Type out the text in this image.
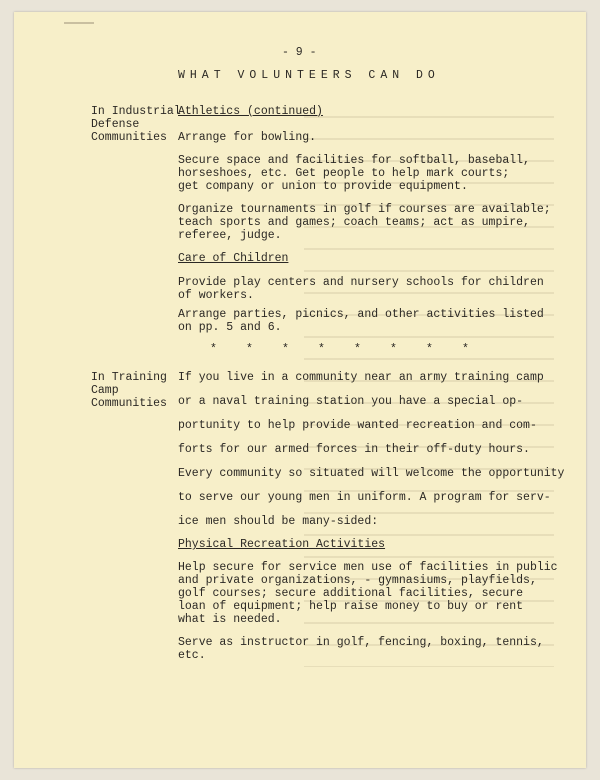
- 9 -
WHAT VOLUNTEERS CAN DO
In Industrial
Defense
Communities
Athletics (continued)
Arrange for bowling.
Secure space and facilities for softball, baseball,
horseshoes, etc. Get people to help mark courts;
get company or union to provide equipment.
Organize tournaments in golf if courses are available;
teach sports and games; coach teams; act as umpire,
referee, judge.
Care of Children
Provide play centers and nursery schools for children
of workers.
Arrange parties, picnics, and other activities listed
on pp. 5 and 6.
*	*	*	*	*	*	*	*
In Training
Camp
Communities
If you live in a community near an army training camp
or a naval training station you have a special op-
portunity to help provide wanted recreation and com-
forts for our armed forces in their off-duty hours.
Every community so situated will welcome the opportunity
to serve our young men in uniform. A program for serv-
ice men should be many-sided:
Physical Recreation Activities
Help secure for service men use of facilities in public
and private organizations, - gymnasiums, playfields,
golf courses; secure additional facilities, secure
loan of equipment; help raise money to buy or rent
what is needed.
Serve as instructor in golf, fencing, boxing, tennis,
etc.
